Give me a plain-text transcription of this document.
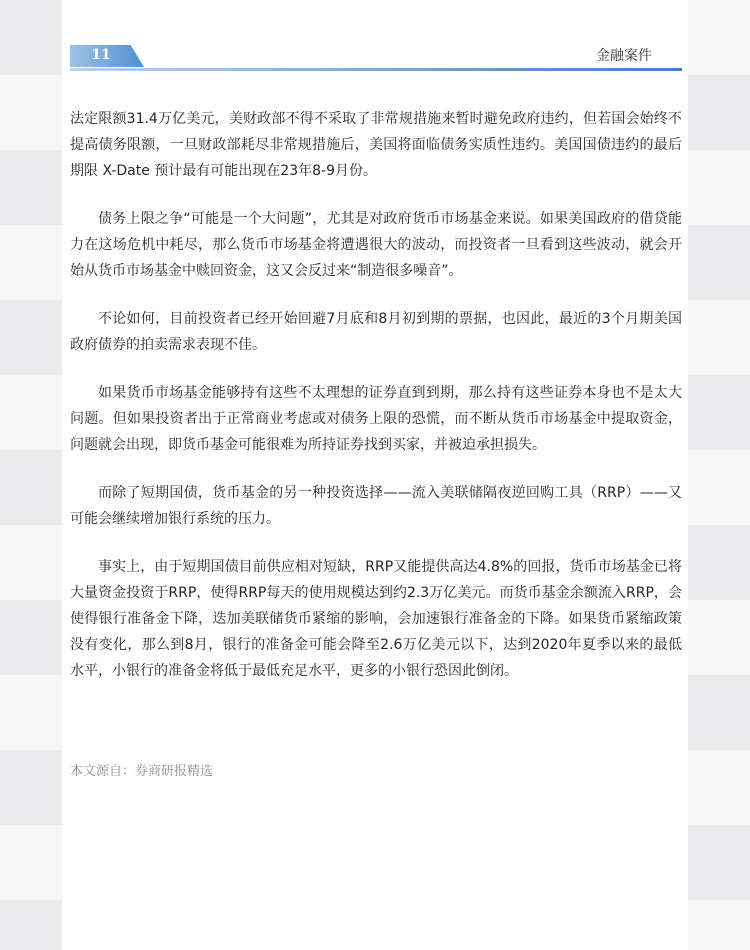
11	金融案件

法定限额31.4万亿美元，美财政部不得不采取了非常规措施来暂时避免政府违约，但若国会始终不提高债务限额，一旦财政部耗尽非常规措施后，美国将面临债务实质性违约。美国国债违约的最后期限 X-Date 预计最有可能出现在23年8-9月份。

债务上限之争“可能是一个大问题”，尤其是对政府货币市场基金来说。如果美国政府的借贷能力在这场危机中耗尽，那么货币市场基金将遭遇很大的波动，而投资者一旦看到这些波动，就会开始从货币市场基金中赎回资金，这又会反过来“制造很多噪音”。

不论如何，目前投资者已经开始回避7月底和8月初到期的票据，也因此，最近的3个月期美国政府债券的拍卖需求表现不佳。

如果货币市场基金能够持有这些不太理想的证券直到到期，那么持有这些证券本身也不是太大问题。但如果投资者出于正常商业考虑或对债务上限的恐慌，而不断从货币市场基金中提取资金，问题就会出现，即货币基金可能很难为所持证券找到买家，并被迫承担损失。

而除了短期国债，货币基金的另一种投资选择——流入美联储隔夜逆回购工具（RRP）——又可能会继续增加银行系统的压力。

事实上，由于短期国债目前供应相对短缺，RRP又能提供高达4.8%的回报，货币市场基金已将大量资金投资于RRP，使得RRP每天的使用规模达到约2.3万亿美元。而货币基金余额流入RRP，会使得银行准备金下降，迭加美联储货币紧缩的影响，会加速银行准备金的下降。如果货币紧缩政策没有变化，那么到8月，银行的准备金可能会降至2.6万亿美元以下，达到2020年夏季以来的最低水平，小银行的准备金将低于最低充足水平，更多的小银行恐因此倒闭。

本文源自：券商研报精选
